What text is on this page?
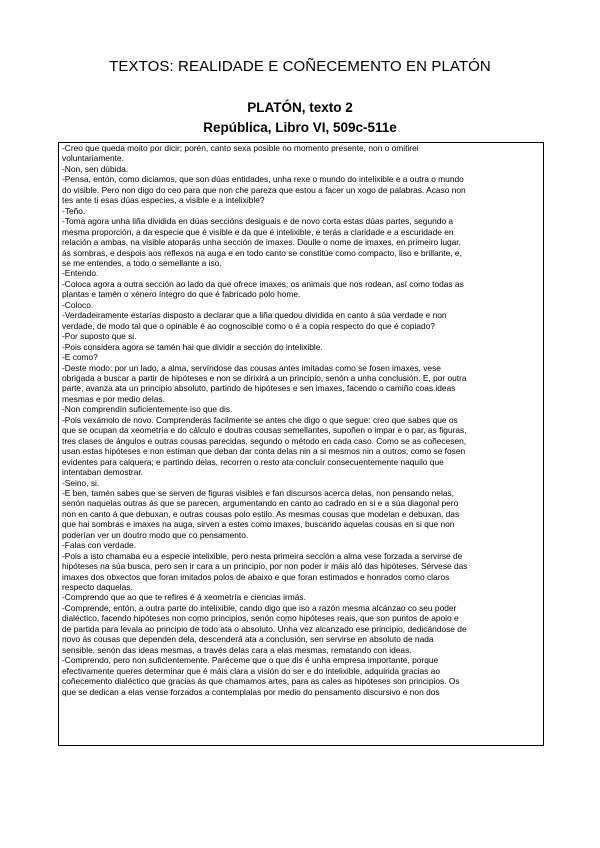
TEXTOS: REALIDADE E COÑECEMENTO EN PLATÓN
PLATÓN, texto 2
República, Libro VI, 509c-511e
-Creo que queda moito por dicir; porén, canto sexa posible no momento presente, non o omitirei
voluntariamente.
-Non, sen dúbida.
-Pensa, entón, como diciamos, que son dúas entidades, unha rexe o mundo do intelixible e a outra o mundo
do visible. Pero non digo do ceo para que non che pareza que estou a facer un xogo de palabras. Acaso non
tes ante ti esas dúas especies, a visible e a intelixible?
-Teño.
-Toma agora unha liña dividida en dúas seccións desiguais e de novo corta estas dúas partes, segundo a
mesma proporción, a da especie que é visible e da que é intelixible, e terás a claridade e a escuridade en
relación a ambas, na visible atoparás unha sección de imaxes. Doulle o nome de imaxes, en primeiro lugar,
ás sombras, e despois aos reflexos na auga e en todo canto se constitúe como compacto, liso e brillante, e,
se me entendes, a todo o semellante a iso.
-Entendo.
-Coloca agora a outra sección ao lado da que ofrece imaxes, os animais que nos rodean, así como todas as
plantas e tamén o xénero íntegro do que é fabricado polo home.
-Coloco.
-Verdadeiramente estarías disposto a declarar que a liña quedou dividida en canto á súa verdade e non
verdade, de modo tal que o opinable é ao cognoscible como o é a copia respecto do que é copiado?
-Por suposto que si.
-Pois considera agora se tamén hai que dividir a sección do intelixible.
-E como?
-Deste modo: por un lado, a alma, servíndose das cousas antes imitadas como se fosen imaxes, vese
obrigada a buscar a partir de hipóteses e non se dirixirá a un principio, senón a unha conclusión. E, por outra
parte, avanza ata un principio absoluto, partindo de hipóteses e sen imaxes, facendo o camiño coas ideas
mesmas e por medio delas.
-Non comprendín suficientemente iso que dis.
-Pois vexámolo de novo. Comprenderás facilmente se antes che digo o que segue: creo que sabes que os
que se ocupan da xeometría e do cálculo e doutras cousas semellantes, supoñen o impar e o par, as figuras,
tres clases de ángulos e outras cousas parecidas, segundo o método en cada caso. Como se as coñecesen,
usan estas hipóteses e non estiman que deban dar conta delas nin a si mesmos nin a outros, como se fosen
evidentes para calquera; e partindo delas, recorren o resto ata concluír consecuentemente naquilo que
intentaban demostrar.
-Seino, si.
-E ben, tamén sabes que se serven de figuras visibles e fan discursos acerca delas, non pensando nelas,
senón naquelas outras ás que se parecen, argumentando en canto ao cadrado en si e a súa diagonal pero
non en canto á que debuxan, e outras cousas polo estilo. As mesmas cousas que modelan e debuxan, das
que hai sombras e imaxes na auga, sirven a estes como imaxes, buscando aquelas cousas en si que non
poderían ver un doutro modo que co pensamento.
-Falas con verdade.
-Pois a isto chamaba eu a especie intelixible, pero nesta primeira sección a alma vese forzada a servirse de
hipóteses na súa busca, pero sen ir cara a un principio, por non poder ir máis aló das hipóteses. Sérvese das
imaxes dos obxectos que foran imitados polos de abaixo e que foran estimados e honrados como claros
respecto daquelas.
-Comprendo que ao que te refires é á xeometría e ciencias irmás.
-Comprende, entón, a outra parte do intelixible, cando digo que iso a razón mesma alcánzao co seu poder
dialéctico, facendo hipóteses non como principios, senón como hipóteses reais, que son puntos de apoio e
de partida para levala ao principio de todo ata o absoluto. Unha vez alcanzado ese principio, dedicándose de
novo ás cousas que dependen dela, descenderá ata a conclusión, sen servirse en absoluto de nada
sensible, senón das ideas mesmas, a través delas cara a elas mesmas, rematando con ideas.
-Comprendo, pero non suficientemente. Paréceme que o que dis é unha empresa importante, porque
efectivamente queres determinar que é máis clara a visión do ser e do intelixible, adquirida gracias ao
coñecemento dialéctico que gracias ás que chamamos artes, para as cales as hipóteses son principios. Os
que se dedican a elas vense forzados a contemplalas por medio do pensamento discursivo e non dos
